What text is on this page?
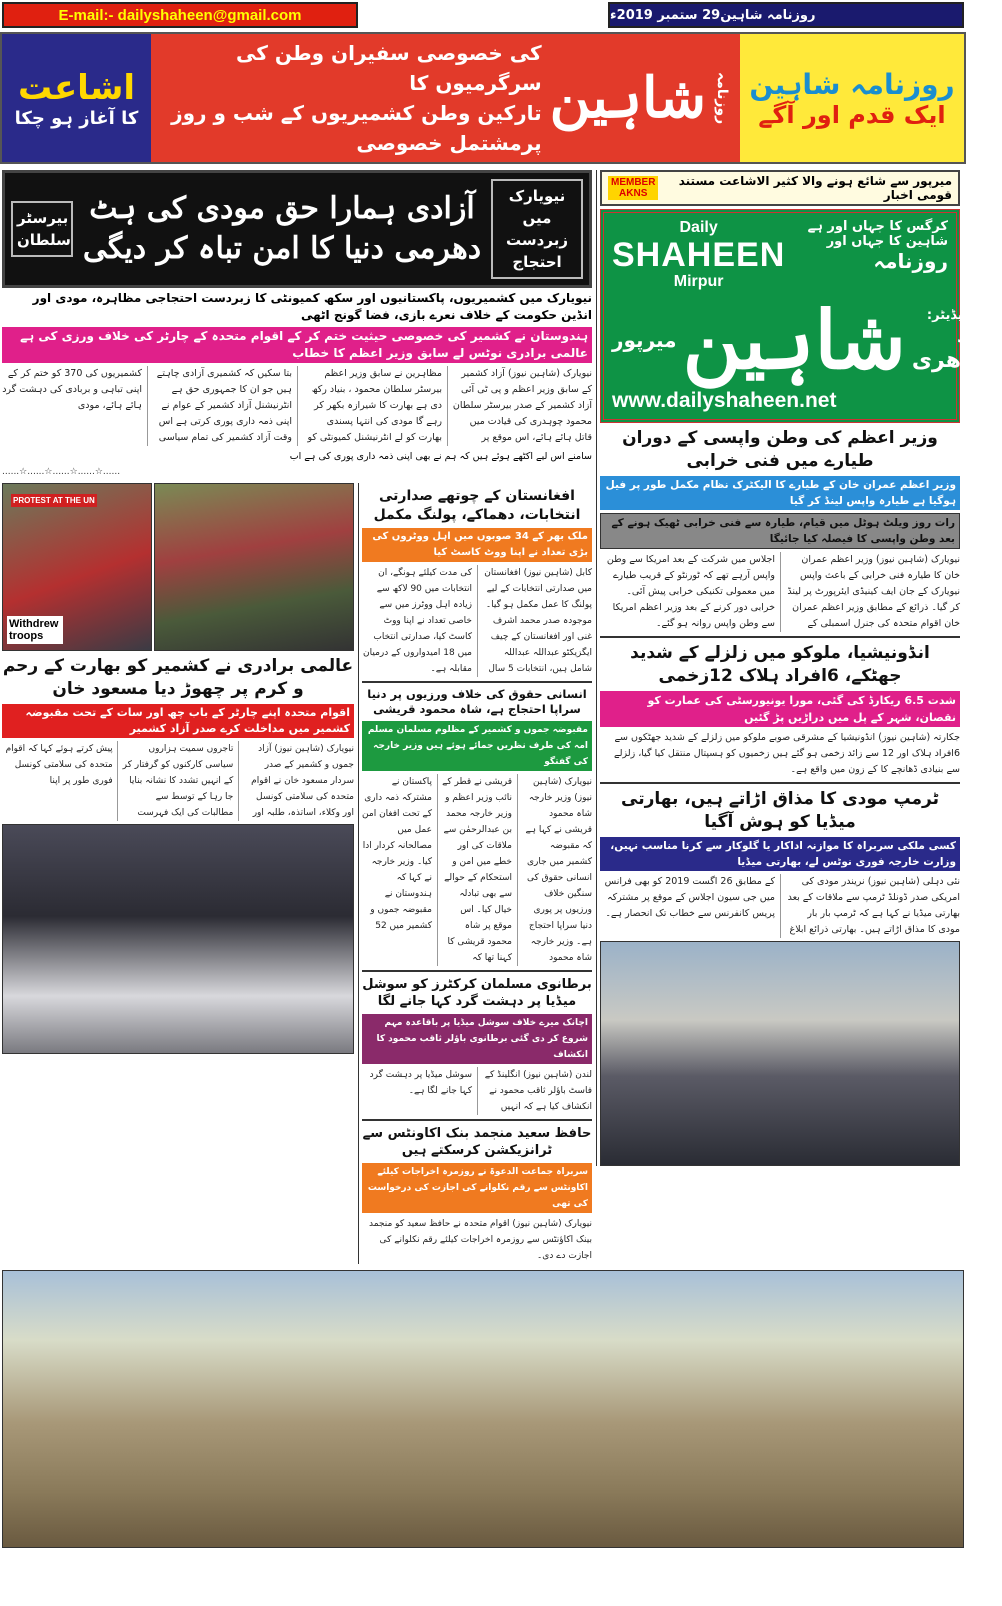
E-mail:- dailyshaheen@gmail.com	روزنامہ شاہین29 ستمبر 2019ء
اشاعت
کا آغاز ہو چکا
کی خصوصی سفیران وطن کی سرگرمیوں کا
تارکین وطن کشمیریوں کے شب و روز پرمشتمل خصوصی
شاہین روزنامہ روزنامہ شاہین
ایک قدم اور آگے
بیرسٹر سلطان
آزادی ہمارا حق مودی کی ہٹ دھرمی دنیا کا امن تباہ کر دیگی
نیویارک میں زبردست احتجاج
نیویارک میں کشمیریوں، پاکستانیوں اور سکھ کمیونٹی کا زبردست احتجاجی مظاہرہ، مودی اور انڈین حکومت کے خلاف نعرے بازی، فضا گونج اٹھی
ہندوستان نے کشمیر کی خصوصی حیثیت ختم کر کے اقوام متحدہ کے چارٹر کی خلاف ورزی کی ہے عالمی برادری نوٹس لے سابق وزیر اعظم کا خطاب
نیویارک (شاہین نیوز) آزاد کشمیر کے سابق وزیر اعظم و پی ٹی آئی آزاد کشمیر کے صدر بیرسٹر سلطان محمود چوہدری کی قیادت میں قاتل ہائے ہائے، اس موقع پر مظاہرین نے سابق وزیر اعظم بیرسٹر سلطان محمود ، بنیاد رکھ دی ہے بھارت کا شیرازہ بکھر کر رہے گا مودی کی انتہا پسندی بھارت کو لے انٹرنیشنل کمیونٹی کو بتا سکیں کہ کشمیری آزادی چاہتے ہیں جو ان کا جمہوری حق ہے انٹرنیشنل آزاد کشمیر کے عوام نے اپنی ذمہ داری پوری کرتی ہے اس وقت آزاد کشمیر کی تمام سیاسی کشمیریوں کی 370 کو ختم کر کے اپنی تباہی و بربادی کی دہشت گرد ہائے ہائے، مودی
سامنے اس لیے اکٹھے ہوئے ہیں کہ ہم نے بھی اپنی ذمہ داری پوری کی ہے اب
......☆......☆......☆......☆......
PROTEST AT THE UN
Withdrew troops
عالمی برادری نے کشمیر کو بھارت کے رحم و کرم پر چھوڑ دیا مسعود خان
اقوام متحدہ اپنے چارٹر کے باب چھ اور سات کے تحت مقبوضہ کشمیر میں مداخلت کرے صدر آزاد کشمیر
نیویارک (شاہین نیوز) آزاد جموں و کشمیر کے صدر سردار مسعود خان نے اقوام متحدہ کی سلامتی کونسل اور وکلاء، اساتذہ، طلبہ اور تاجروں سمیت ہزاروں سیاسی کارکنوں کو گرفتار کر کے انہیں تشدد کا نشانہ بنایا جا رہا کے توسط سے مطالبات کی ایک فہرست پیش کرتے ہوئے کہا کہ اقوام متحدہ کی سلامتی کونسل فوری طور پر اپنا
افغانستان کے چوتھے صدارتی انتخابات، دھماکے، پولنگ مکمل
ملک بھر کے 34 صوبوں میں اہل ووٹروں کی بڑی تعداد نے اپنا ووٹ کاسٹ کیا
کابل (شاہین نیوز) افغانستان میں صدارتی انتخابات کے لیے پولنگ کا عمل مکمل ہو گیا۔ موجودہ صدر محمد اشرف غنی اور افغانستان کے چیف ایگزیکٹو عبداللہ عبداللہ شامل ہیں، انتخابات 5 سال کی مدت کیلئے ہونگے، ان انتخابات میں 90 لاکھ سے زیادہ اہل ووٹرز میں سے خاصی تعداد نے اپنا ووٹ کاسٹ کیا، صدارتی انتخاب میں 18 امیدواروں کے درمیان مقابلہ ہے۔
انسانی حقوق کی خلاف ورزیوں پر دنیا سراپا احتجاج ہے، شاہ محمود قریشی
مقبوضہ جموں و کشمیر کے مظلوم مسلمان مسلم امہ کی طرف نظریں جمائے ہوئے ہیں وزیر خارجہ کی گفتگو
نیویارک (شاہین نیوز) وزیر خارجہ شاہ محمود قریشی نے کہا ہے کہ مقبوضہ کشمیر میں جاری انسانی حقوق کی سنگین خلاف ورزیوں پر پوری دنیا سراپا احتجاج ہے۔ وزیر خارجہ شاہ محمود قریشی نے قطر کے نائب وزیر اعظم و وزیر خارجہ محمد بن عبدالرحمٰن سے ملاقات کی اور خطے میں امن و استحکام کے حوالے سے بھی تبادلہ خیال کیا۔ اس موقع پر شاہ محمود قریشی کا کہنا تھا کہ پاکستان نے مشترکہ ذمہ داری کے تحت افغان امن عمل میں مصالحانہ کردار ادا کیا۔ وزیر خارجہ نے کہا کہ ہندوستان نے مقبوضہ جموں و کشمیر میں 52
برطانوی مسلمان کرکٹرز کو سوشل میڈیا پر دہشت گرد کہا جانے لگا
اچانک میرے خلاف سوشل میڈیا پر باقاعدہ مہم شروع کر دی گئی برطانوی باؤلر ثاقب محمود کا انکشاف
لندن (شاہین نیوز) انگلینڈ کے فاسٹ باؤلر ثاقب محمود نے انکشاف کیا ہے کہ انہیں سوشل میڈیا پر دہشت گرد کہا جانے لگا ہے۔
حافظ سعید منجمد بنک اکاونٹس سے ٹرانزیکشن کرسکتے ہیں
سربراہ جماعت الدعوۃ نے روزمرہ اخراجات کیلئے اکاونٹس سے رقم نکلوانے کی اجازت کی درخواست کی تھی
نیویارک (شاہین نیوز) اقوام متحدہ نے حافظ سعید کو منجمد بینک اکاؤنٹس سے روزمرہ اخراجات کیلئے رقم نکلوانے کی اجازت دے دی۔
MEMBER
AKNS
میرپور سے شائع ہونے والا کثیر الاشاعت مستند قومی اخبار
Daily
SHAHEEN
Mirpur
کرگس کا جہاں اور ہے شاہین کا جہاں اور
روزنامہ
میرپور شاہین چیف ایڈیٹر:
خالد چودھری
www.dailyshaheen.net
وزیر اعظم کی وطن واپسی کے دوران طیارے میں فنی خرابی
وزیر اعظم عمران خان کے طیارے کا الیکٹرک نظام مکمل طور پر فیل ہوگیا ہے طیارہ واپس لینڈ کر گیا
رات روز ویلٹ ہوٹل میں قیام، طیارہ سے فنی خرابی ٹھیک ہونے کے بعد وطن واپسی کا فیصلہ کیا جائیگا
نیویارک (شاہین نیوز) وزیر اعظم عمران خان کا طیارہ فنی خرابی کے باعث واپس نیویارک کے جان ایف کینیڈی ایئرپورٹ پر لینڈ کر گیا۔ ذرائع کے مطابق وزیر اعظم عمران خان اقوام متحدہ کی جنرل اسمبلی کے اجلاس میں شرکت کے بعد امریکا سے وطن واپس آرہے تھے کہ ٹورنٹو کے قریب طیارے میں معمولی تکنیکی خرابی پیش آئی۔ خرابی دور کرنے کے بعد وزیر اعظم امریکا سے وطن واپس روانہ ہو گئے۔
انڈونیشیا، ملوکو میں زلزلے کے شدید جھٹکے، 6افراد ہلاک 12زخمی
شدت 6.5 ریکارڈ کی گئی، مورا یونیورسٹی کی عمارت کو نقصان، شہر کے پل میں دراڑیں پڑ گئیں
جکارتہ (شاہین نیوز) انڈونیشیا کے مشرقی صوبے ملوکو میں زلزلے کے شدید جھٹکوں سے 6افراد ہلاک اور 12 سے زائد زخمی ہو گئے ہیں زخمیوں کو ہسپتال منتقل کیا گیا، زلزلے سے بنیادی ڈھانچے کا کے زون میں واقع ہے۔
ٹرمپ مودی کا مذاق اڑاتے ہیں، بھارتی میڈیا کو ہوش آگیا
کسی ملکی سربراہ کا موازنہ اداکار یا گلوکار سے کرنا مناسب نہیں، وزارت خارجہ فوری نوٹس لے، بھارتی میڈیا
نئی دہلی (شاہین نیوز) نریندر مودی کی امریکی صدر ڈونلڈ ٹرمپ سے ملاقات کے بعد بھارتی میڈیا نے کہا ہے کہ ٹرمپ بار بار مودی کا مذاق اڑاتے ہیں۔ بھارتی ذرائع ابلاغ کے مطابق 26 اگست 2019 کو بھی فرانس میں جی سیون اجلاس کے موقع پر مشترکہ پریس کانفرنس سے خطاب تک انحصار ہے۔
